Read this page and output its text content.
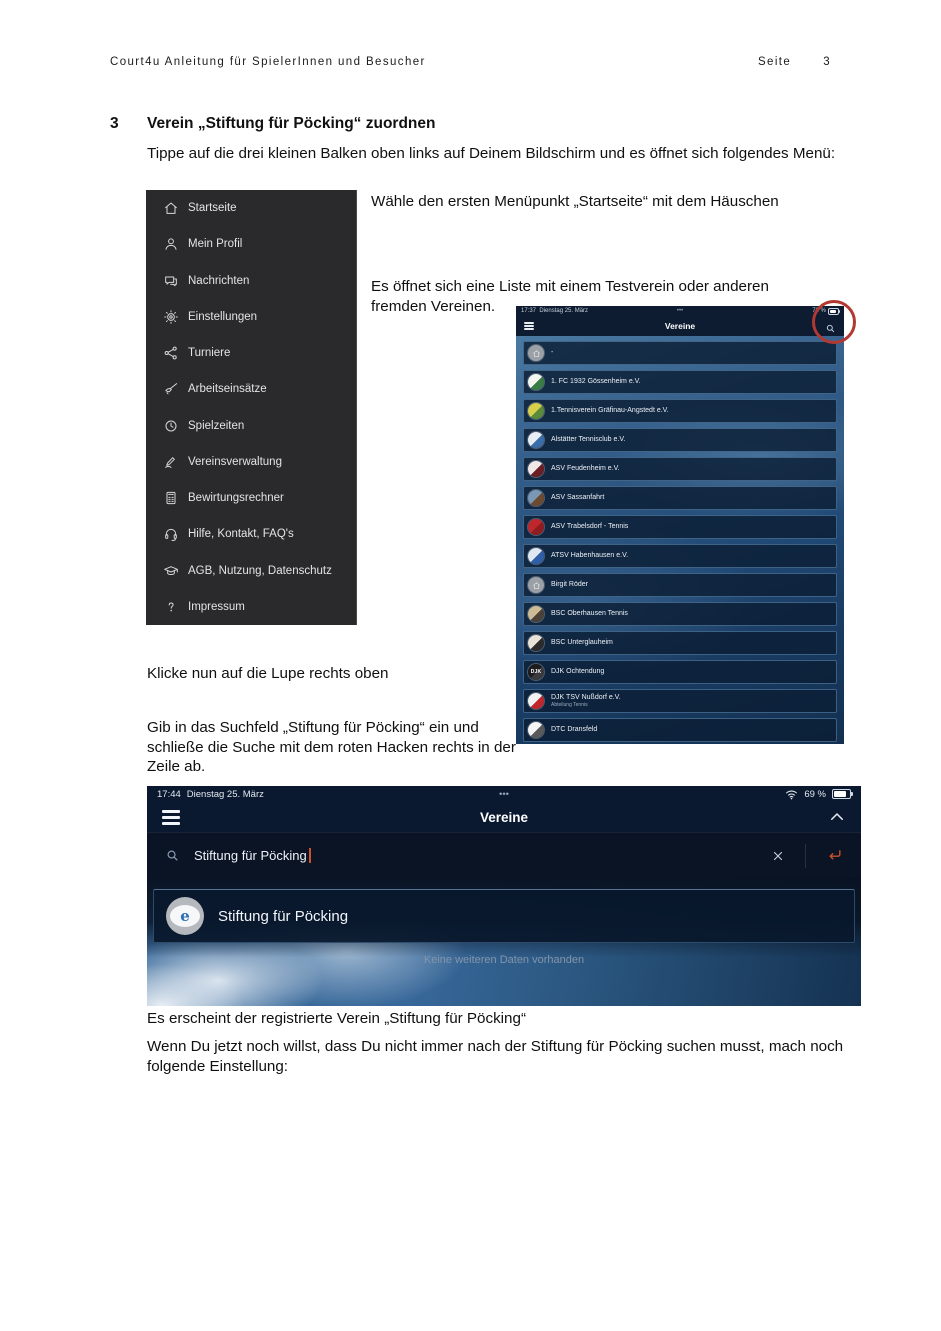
Court4u Anleitung für SpielerInnen und Besucher	Seite	3
3 Verein „Stiftung für Pöcking“ zuordnen
Tippe auf die drei kleinen Balken oben links auf Deinem Bildschirm und es öffnet sich folgendes Menü:
Startseite
Mein Profil
Nachrichten
Einstellungen
Turniere
Arbeitseinsätze
Spielzeiten
Vereinsverwaltung
Bewirtungsrechner
Hilfe, Kontakt, FAQ's
AGB, Nutzung, Datenschutz
Impressum
Wähle den ersten Menüpunkt „Startseite“ mit dem Häuschen
Es öffnet sich eine Liste mit einem Testverein oder anderen fremden Vereinen.	17:37 Dienstag 25. März	•••	73 %
Vereine
-
1. FC 1932 Gössenheim e.V.
1.Tennisverein Gräfinau-Angstedt e.V.
Alstätter Tennisclub e.V.
ASV Feudenheim e.V.
ASV Sassanfahrt
ASV Trabelsdorf - Tennis
ATSV Habenhausen e.V.
Birgit Röder
BSC Oberhausen Tennis
BSC Unterglauheim
DJK	DJK Ochtendung
DJK TSV Nußdorf e.V.
Abteilung Tennis
DTC Dransfeld
Klicke nun auf die Lupe rechts oben
Gib in das Suchfeld „Stiftung für Pöcking“ ein und schließe die Suche mit dem roten Hacken rechts in der Zeile ab.
17:44 Dienstag 25. März	•••	69 %
Vereine
Stiftung für Pöcking
e	Stiftung für Pöcking
Keine weiteren Daten vorhanden
Es erscheint der registrierte Verein „Stiftung für Pöcking“
Wenn Du jetzt noch willst, dass Du nicht immer nach der Stiftung für Pöcking suchen musst, mach noch folgende Einstellung:
